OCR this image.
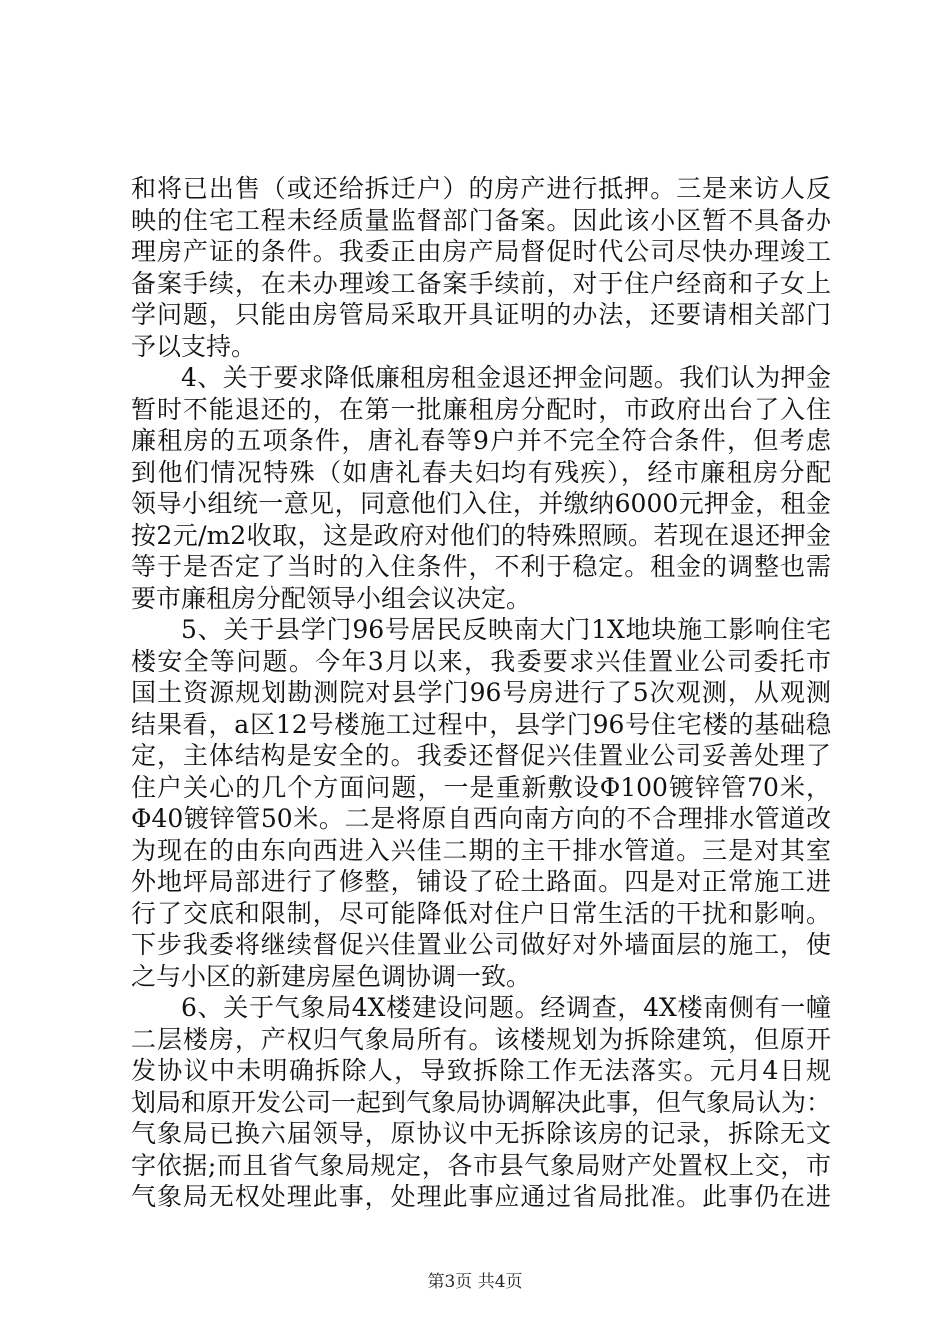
和将已出售（或还给拆迁户）的房产进行抵押。三是来访人反
映的住宅工程未经质量监督部门备案。因此该小区暂不具备办
理房产证的条件。我委正由房产局督促时代公司尽快办理竣工
备案手续，在未办理竣工备案手续前，对于住户经商和子女上
学问题，只能由房管局采取开具证明的办法，还要请相关部门
予以支持。
4、关于要求降低廉租房租金退还押金问题。我们认为押金
暂时不能退还的，在第一批廉租房分配时，市政府出台了入住
廉租房的五项条件，唐礼春等9户并不完全符合条件，但考虑
到他们情况特殊（如唐礼春夫妇均有残疾），经市廉租房分配
领导小组统一意见，同意他们入住，并缴纳6000元押金，租金
按2元/m2收取，这是政府对他们的特殊照顾。若现在退还押金
等于是否定了当时的入住条件，不利于稳定。租金的调整也需
要市廉租房分配领导小组会议决定。
5、关于县学门96号居民反映南大门1X地块施工影响住宅
楼安全等问题。今年3月以来，我委要求兴佳置业公司委托市
国土资源规划勘测院对县学门96号房进行了5次观测，从观测
结果看，a区12号楼施工过程中，县学门96号住宅楼的基础稳
定，主体结构是安全的。我委还督促兴佳置业公司妥善处理了
住户关心的几个方面问题，一是重新敷设Φ100镀锌管70米，
Φ40镀锌管50米。二是将原自西向南方向的不合理排水管道改
为现在的由东向西进入兴佳二期的主干排水管道。三是对其室
外地坪局部进行了修整，铺设了砼土路面。四是对正常施工进
行了交底和限制，尽可能降低对住户日常生活的干扰和影响。
下步我委将继续督促兴佳置业公司做好对外墙面层的施工，使
之与小区的新建房屋色调协调一致。
6、关于气象局4X楼建设问题。经调查，4X楼南侧有一幢
二层楼房，产权归气象局所有。该楼规划为拆除建筑，但原开
发协议中未明确拆除人，导致拆除工作无法落实。元月4日规
划局和原开发公司一起到气象局协调解决此事，但气象局认为：
气象局已换六届领导，原协议中无拆除该房的记录，拆除无文
字依据;而且省气象局规定，各市县气象局财产处置权上交，市
气象局无权处理此事，处理此事应通过省局批准。此事仍在进
第3页 共4页
